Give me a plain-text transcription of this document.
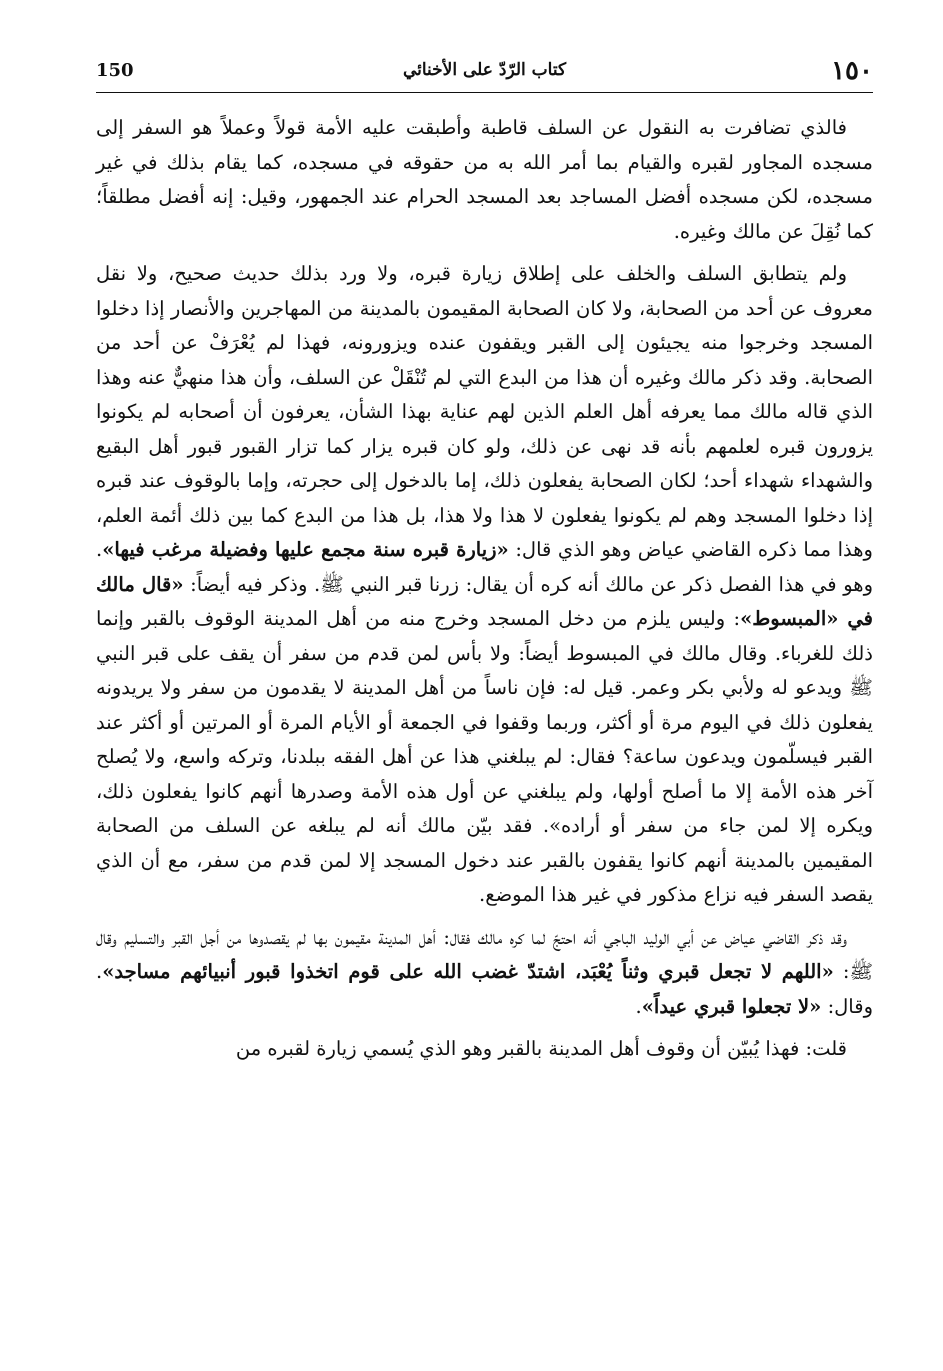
١٥٠
كتاب الرّدّ على الأخنائي
150

فالذي تضافرت به النقول عن السلف قاطبة وأطبقت عليه الأمة قولاً وعملاً هو السفر إلى مسجده المجاور لقبره والقيام بما أمر الله به من حقوقه في مسجده، كما يقام بذلك في غير مسجده، لكن مسجده أفضل المساجد بعد المسجد الحرام عند الجمهور، وقيل: إنه أفضل مطلقاً؛ كما نُقِلَ عن مالك وغيره.

ولم يتطابق السلف والخلف على إطلاق زيارة قبره، ولا ورد بذلك حديث صحيح، ولا نقل معروف عن أحد من الصحابة، ولا كان الصحابة المقيمون بالمدينة من المهاجرين والأنصار إذا دخلوا المسجد وخرجوا منه يجيئون إلى القبر ويقفون عنده ويزورونه، فهذا لم يُعْرَفْ عن أحد من الصحابة. وقد ذكر مالك وغيره أن هذا من البدع التي لم تُنْقَلْ عن السلف، وأن هذا منهيٌّ عنه وهذا الذي قاله مالك مما يعرفه أهل العلم الذين لهم عناية بهذا الشأن، يعرفون أن أصحابه لم يكونوا يزورون قبره لعلمهم بأنه قد نهى عن ذلك، ولو كان قبره يزار كما تزار القبور قبور أهل البقيع والشهداء شهداء أحد؛ لكان الصحابة يفعلون ذلك، إما بالدخول إلى حجرته، وإما بالوقوف عند قبره إذا دخلوا المسجد وهم لم يكونوا يفعلون لا هذا ولا هذا، بل هذا من البدع كما بين ذلك أئمة العلم، وهذا مما ذكره القاضي عياض وهو الذي قال: «زيارة قبره سنة مجمع عليها وفضيلة مرغب فيها». وهو في هذا الفصل ذكر عن مالك أنه كره أن يقال: زرنا قبر النبي ﷺ. وذكر فيه أيضاً: «قال مالك في «المبسوط»: وليس يلزم من دخل المسجد وخرج منه من أهل المدينة الوقوف بالقبر وإنما ذلك للغرباء. وقال مالك في المبسوط أيضاً: ولا بأس لمن قدم من سفر أن يقف على قبر النبي ﷺ ويدعو له ولأبي بكر وعمر. قيل له: فإن ناساً من أهل المدينة لا يقدمون من سفر ولا يريدونه يفعلون ذلك في اليوم مرة أو أكثر، وربما وقفوا في الجمعة أو الأيام المرة أو المرتين أو أكثر عند القبر فيسلّمون ويدعون ساعة؟ فقال: لم يبلغني هذا عن أهل الفقه ببلدنا، وتركه واسع، ولا يُصلح آخر هذه الأمة إلا ما أصلح أولها، ولم يبلغني عن أول هذه الأمة وصدرها أنهم كانوا يفعلون ذلك، ويكره إلا لمن جاء من سفر أو أراده». فقد بيّن مالك أنه لم يبلغه عن السلف من الصحابة المقيمين بالمدينة أنهم كانوا يقفون بالقبر عند دخول المسجد إلا لمن قدم من سفر، مع أن الذي يقصد السفر فيه نزاع مذكور في غير هذا الموضع.

وقد ذكر القاضي عياض عن أبي الوليد الباجي أنه احتجّ لما كره مالك فقال: أهل المدينة مقيمون بها لم يقصدوها من أجل القبر والتسليم وقال ﷺ: «اللهم لا تجعل قبري وثناً يُعْبَد، اشتدّ غضب الله على قوم اتخذوا قبور أنبيائهم مساجد». وقال: «لا تجعلوا قبري عيداً».

قلت: فهذا يُبيّن أن وقوف أهل المدينة بالقبر وهو الذي يُسمي زيارة لقبره من
